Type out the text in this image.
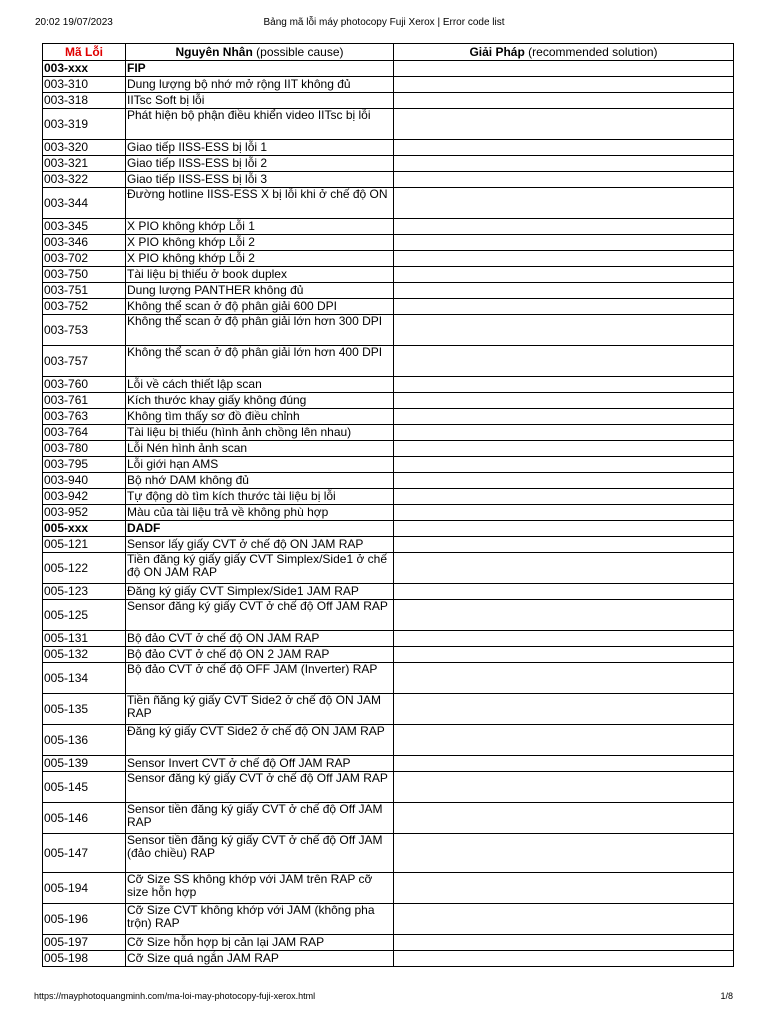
20:02 19/07/2023	Bảng mã lỗi máy photocopy Fuji Xerox | Error code list
Mã Lỗi	Nguyên Nhân (possible cause)	Giải Pháp (recommended solution)
003-xxx	FIP	
003-310	Dung lượng bộ nhớ mở rộng IIT không đủ	
003-318	IITsc Soft bị lỗi	
003-319	Phát hiện bộ phận điều khiển video IITsc bị lỗi	
003-320	Giao tiếp IISS-ESS bị lỗi 1	
003-321	Giao tiếp IISS-ESS bị lỗi 2	
003-322	Giao tiếp IISS-ESS bị lỗi 3	
003-344	Đường hotline IISS-ESS X bị lỗi khi ở chế độ ON	
003-345	X PIO không khớp Lỗi 1	
003-346	X PIO không khớp Lỗi 2	
003-702	X PIO không khớp Lỗi 2	
003-750	Tài liệu bị thiếu ở book duplex	
003-751	Dung lượng PANTHER không đủ	
003-752	Không thể scan ở độ phân giải 600 DPI	
003-753	Không thể scan ở độ phân giải lớn hơn 300 DPI	
003-757	Không thể scan ở độ phân giải lớn hơn 400 DPI	
003-760	Lỗi về cách thiết lập scan	
003-761	Kích thước khay giấy không đúng	
003-763	Không tìm thấy sơ đồ điều chỉnh	
003-764	Tài liệu bị thiếu (hình ảnh chồng lên nhau)	
003-780	Lỗi Nén hình ảnh scan	
003-795	Lỗi giới hạn AMS	
003-940	Bộ nhớ DAM không đủ	
003-942	Tự động dò tìm kích thước tài liệu bị lỗi	
003-952	Màu của tài liệu trả về không phù hợp	
005-xxx	DADF	
005-121	Sensor lấy giấy CVT ở chế độ ON JAM RAP	
005-122	Tiền đăng ký giấy giấy CVT Simplex/Side1 ở chế độ ON JAM RAP	
005-123	Đăng ký giấy CVT Simplex/Side1 JAM RAP	
005-125	Sensor đăng ký giấy CVT ở chế độ Off JAM RAP	
005-131	Bộ đảo CVT ở chế độ ON JAM RAP	
005-132	Bộ đảo CVT ở chế độ ON 2 JAM RAP	
005-134	Bộ đảo CVT ở chế độ OFF JAM (Inverter) RAP	
005-135	Tiền ñăng ký giấy CVT Side2 ở chế độ ON JAM RAP	
005-136	Đăng ký giấy CVT Side2 ở chế độ ON JAM RAP	
005-139	Sensor Invert CVT ở chế độ Off JAM RAP	
005-145	Sensor đăng ký giấy CVT ở chế độ Off JAM RAP	
005-146	Sensor tiền đăng ký giấy CVT ở chế độ Off JAM RAP	
005-147	Sensor tiền đăng ký giấy CVT ở chế độ Off JAM (đảo chiều) RAP	
005-194	Cỡ Size SS không khớp với JAM trên RAP cỡ size hỗn hợp	
005-196	Cỡ Size CVT không khớp với JAM (không pha trộn) RAP	
005-197	Cỡ Size hỗn hợp bị cản lại JAM RAP	
005-198	Cỡ Size quá ngắn JAM RAP	
https://mayphotoquangminh.com/ma-loi-may-photocopy-fuji-xerox.html	1/8
